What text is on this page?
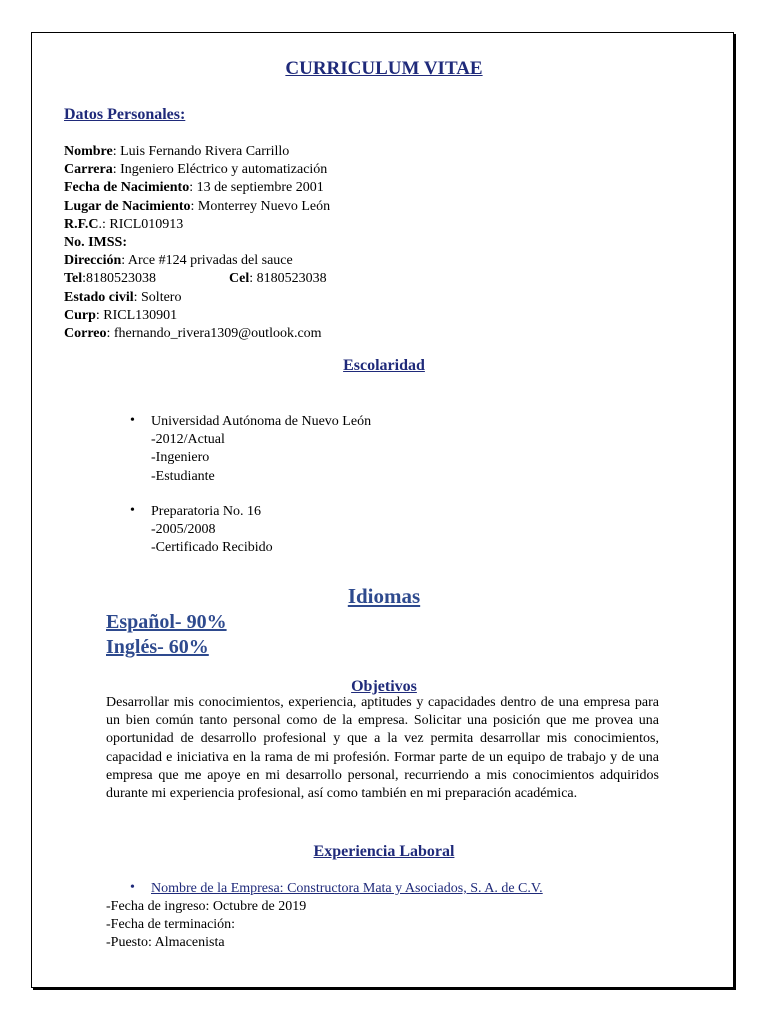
CURRICULUM VITAE
Datos Personales:
Nombre: Luis Fernando Rivera Carrillo
Carrera: Ingeniero Eléctrico y automatización
Fecha de Nacimiento: 13 de septiembre 2001
Lugar de Nacimiento: Monterrey Nuevo León
R.F.C.: RICL010913
No. IMSS:
Dirección: Arce #124 privadas del sauce
Tel:8180523038	Cel: 8180523038
Estado civil: Soltero
Curp: RICL130901
Correo: fhernando_rivera1309@outlook.com
Escolaridad
• Universidad Autónoma de Nuevo León
-2012/Actual
-Ingeniero
-Estudiante
• Preparatoria No. 16
-2005/2008
-Certificado Recibido
Idiomas
Español- 90%
Inglés- 60%
Objetivos
Desarrollar mis conocimientos, experiencia, aptitudes y capacidades dentro de una empresa para un bien común tanto personal como de la empresa. Solicitar una posición que me provea una oportunidad de desarrollo profesional y que a la vez permita desarrollar mis conocimientos, capacidad e iniciativa en la rama de mi profesión. Formar parte de un equipo de trabajo y de una empresa que me apoye en mi desarrollo personal, recurriendo a mis conocimientos adquiridos durante mi experiencia profesional, así como también en mi preparación académica.
Experiencia Laboral
• Nombre de la Empresa: Constructora Mata y Asociados, S. A. de C.V.
-Fecha de ingreso: Octubre de 2019
-Fecha de terminación:
-Puesto: Almacenista
